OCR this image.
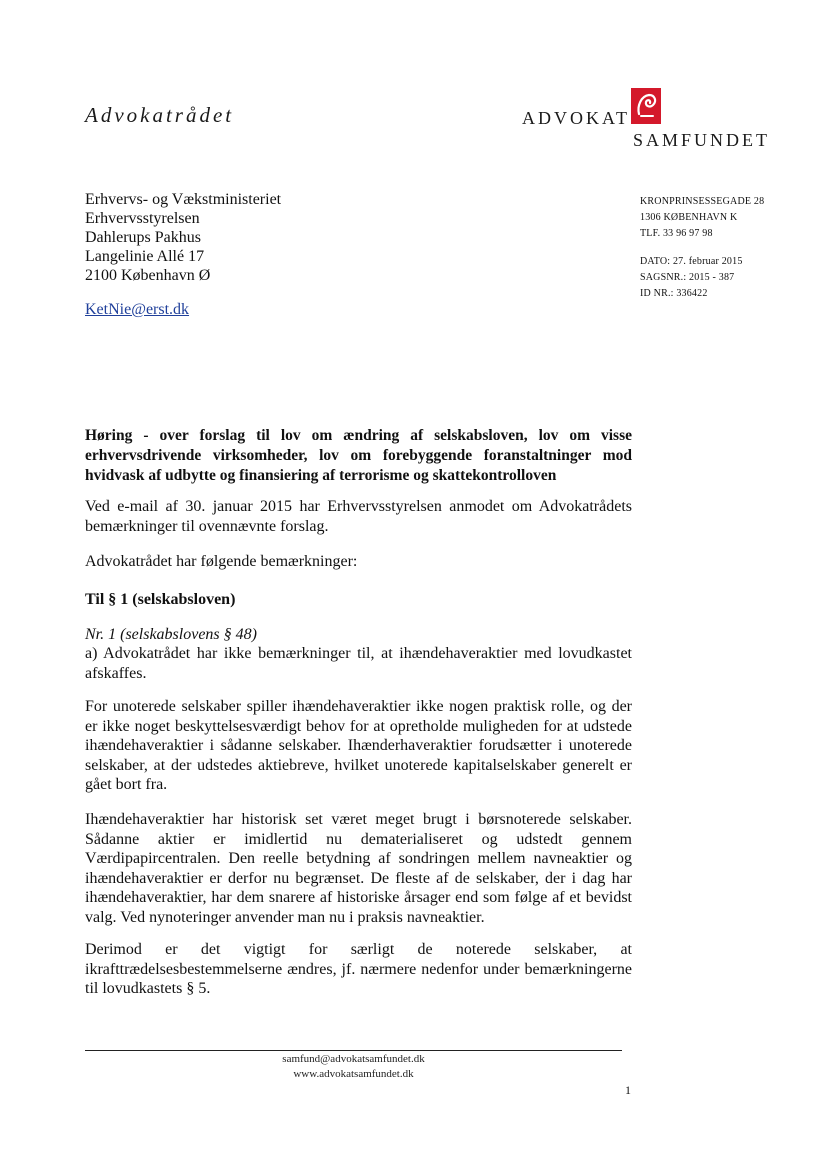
Advokatrådet	ADVOKAT
SAMFUNDET
Erhvervs- og Vækstministeriet
Erhvervsstyrelsen
Dahlerups Pakhus
Langelinie Allé 17
2100 København Ø
KetNie@erst.dk
KRONPRINSESSEGADE 28
1306 KØBENHAVN K
TLF. 33 96 97 98
DATO: 27. februar 2015
SAGSNR.: 2015 - 387
ID NR.: 336422
Høring - over forslag til lov om ændring af selskabsloven, lov om visse erhvervsdrivende virksomheder, lov om forebyggende foranstaltninger mod hvidvask af udbytte og finansiering af terrorisme og skattekontrolloven
Ved e-mail af 30. januar 2015 har Erhvervsstyrelsen anmodet om Advokatrådets bemærkninger til ovennævnte forslag.
Advokatrådet har følgende bemærkninger:
Til § 1 (selskabsloven)
Nr. 1 (selskabslovens § 48)
a) Advokatrådet har ikke bemærkninger til, at ihændehaveraktier med lovudkastet afskaffes.
For unoterede selskaber spiller ihændehaveraktier ikke nogen praktisk rolle, og der er ikke noget beskyttelsesværdigt behov for at opretholde muligheden for at udstede ihændehaveraktier i sådanne selskaber. Ihænderhaveraktier forudsætter i unoterede selskaber, at der udstedes aktiebreve, hvilket unoterede kapitalselskaber generelt er gået bort fra.
Ihændehaveraktier har historisk set været meget brugt i børsnoterede selskaber. Sådanne aktier er imidlertid nu dematerialiseret og udstedt gennem Værdipapircentralen. Den reelle betydning af sondringen mellem navneaktier og ihændehaveraktier er derfor nu begrænset. De fleste af de selskaber, der i dag har ihændehaveraktier, har dem snarere af historiske årsager end som følge af et bevidst valg. Ved nynoteringer anvender man nu i praksis navneaktier.
Derimod er det vigtigt for særligt de noterede selskaber, at ikrafttrædelsesbestemmelserne ændres, jf. nærmere nedenfor under bemærkningerne til lovudkastets § 5.
samfund@advokatsamfundet.dk
www.advokatsamfundet.dk
1
